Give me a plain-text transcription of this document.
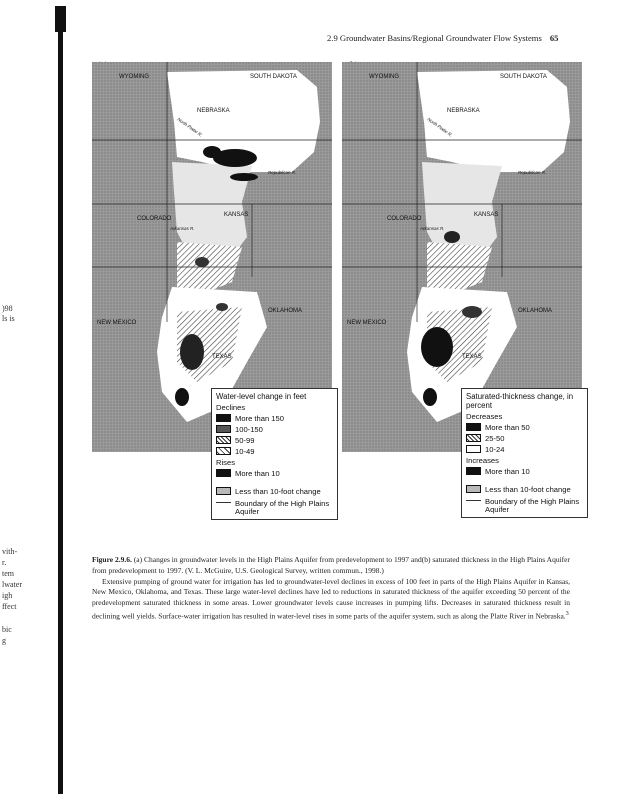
)98
ls is
vith-
r.
tem
lwater
igh
ffect
bic
g
2.9 Groundwater Basins/Regional Groundwater Flow Systems 65
WYOMING	SOUTH DAKOTA
NEBRASKA
COLORADO
KANSAS
NEW MEXICO
OKLAHOMA
TEXAS
North Platte R.
Republican R.
Arkansas R.
Water-level change in feet
Declines
More than 150
100-150
50-99
10-49
Rises
More than 10
Less than 10-foot change
Boundary of the High Plains Aquifer
WYOMING	SOUTH DAKOTA
NEBRASKA
COLORADO
KANSAS
NEW MEXICO
OKLAHOMA
TEXAS
North Platte R.
Republican R.
Arkansas R.
Saturated-thickness change, in percent
Decreases
More than 50
25-50
10-24
Increases
More than 10
Less than 10-foot change
Boundary of the High Plains Aquifer

Figure 2.9.6. (a) Changes in groundwater levels in the High Plains Aquifer from predevelopment to 1997 and(b) saturated thickness in the High Plains Aquifer from predevelopment to 1997. (V. L. McGuire, U.S. Geological Survey, written commun., 1998.)

Extensive pumping of ground water for irrigation has led to groundwater-level declines in excess of 100 feet in parts of the High Plains Aquifer in Kansas, New Mexico, Oklahoma, and Texas. These large water-level declines have led to reductions in saturated thickness of the aquifer exceeding 50 percent of the predevelopment saturated thickness in some areas. Lower groundwater levels cause increases in pumping lifts. Decreases in saturated thickness result in declining well yields. Surface-water irrigation has resulted in water-level rises in some parts of the aquifer system, such as along the Platte River in Nebraska.$^3$
